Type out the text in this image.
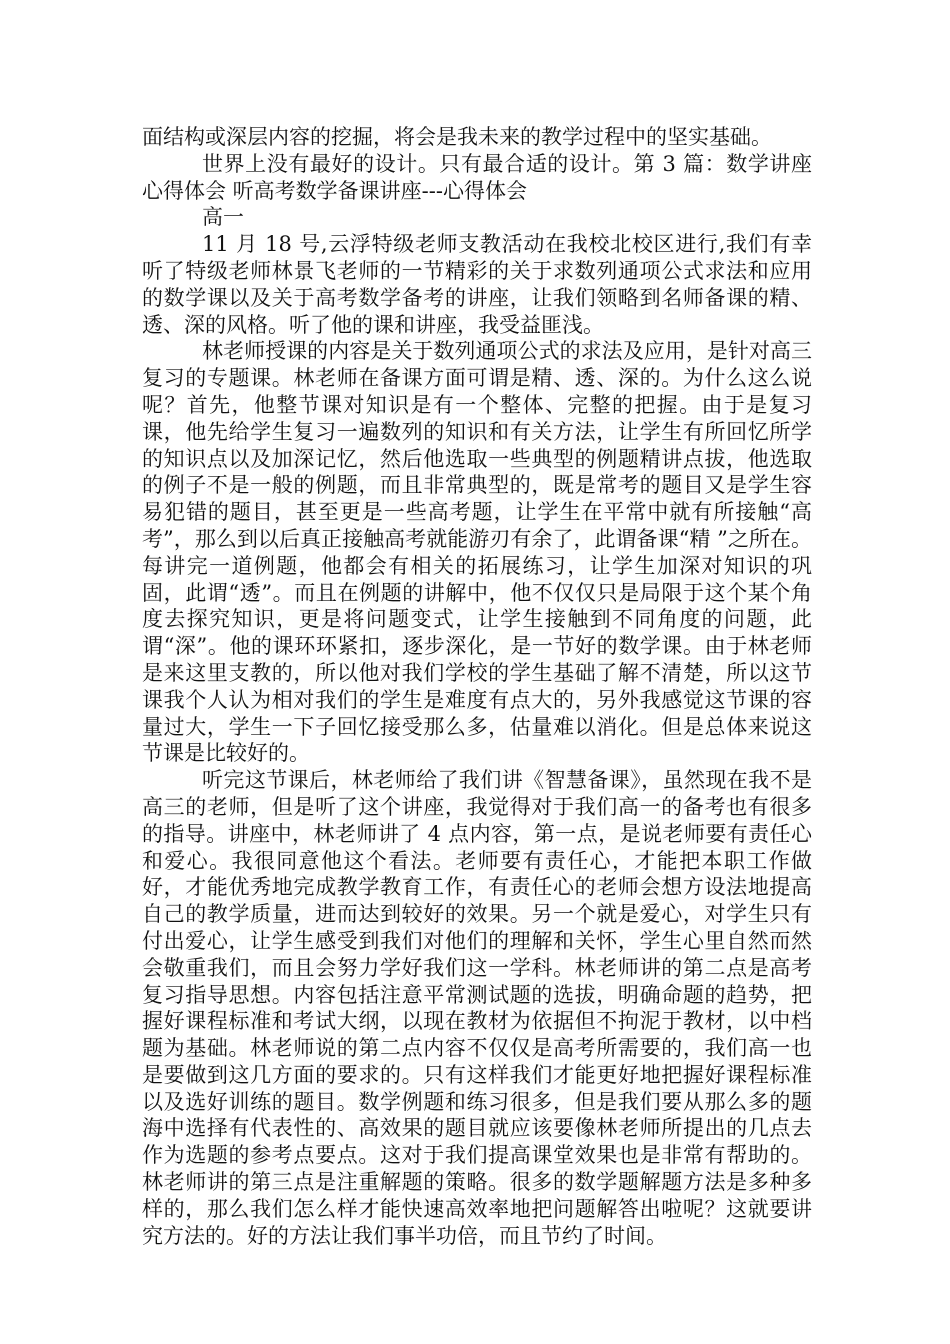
面结构或深层内容的挖掘，将会是我未来的教学过程中的坚实基础。

世界上没有最好的设计。只有最合适的设计。第 3 篇：数学讲座心得体会 听高考数学备课讲座---心得体会

高一

11 月 18 号,云浮特级老师支教活动在我校北校区进行,我们有幸听了特级老师林景飞老师的一节精彩的关于求数列通项公式求法和应用的数学课以及关于高考数学备考的讲座，让我们领略到名师备课的精、透、深的风格。听了他的课和讲座，我受益匪浅。

林老师授课的内容是关于数列通项公式的求法及应用，是针对高三复习的专题课。林老师在备课方面可谓是精、透、深的。为什么这么说呢？首先，他整节课对知识是有一个整体、完整的把握。由于是复习课，他先给学生复习一遍数列的知识和有关方法，让学生有所回忆所学的知识点以及加深记忆，然后他选取一些典型的例题精讲点拔，他选取的例子不是一般的例题，而且非常典型的，既是常考的题目又是学生容易犯错的题目，甚至更是一些高考题，让学生在平常中就有所接触“高考”，那么到以后真正接触高考就能游刃有余了，此谓备课“精 ”之所在。每讲完一道例题，他都会有相关的拓展练习，让学生加深对知识的巩固，此谓“透”。而且在例题的讲解中，他不仅仅只是局限于这个某个角度去探究知识，更是将问题变式，让学生接触到不同角度的问题，此谓“深”。他的课环环紧扣，逐步深化，是一节好的数学课。由于林老师是来这里支教的，所以他对我们学校的学生基础了解不清楚，所以这节课我个人认为相对我们的学生是难度有点大的，另外我感觉这节课的容量过大，学生一下子回忆接受那么多，估量难以消化。但是总体来说这节课是比较好的。

听完这节课后，林老师给了我们讲《智慧备课》，虽然现在我不是高三的老师，但是听了这个讲座，我觉得对于我们高一的备考也有很多的指导。讲座中，林老师讲了 4 点内容，第一点，是说老师要有责任心和爱心。我很同意他这个看法。老师要有责任心，才能把本职工作做好，才能优秀地完成教学教育工作，有责任心的老师会想方设法地提高自己的教学质量，进而达到较好的效果。另一个就是爱心，对学生只有付出爱心，让学生感受到我们对他们的理解和关怀，学生心里自然而然会敬重我们，而且会努力学好我们这一学科。林老师讲的第二点是高考复习指导思想。内容包括注意平常测试题的选拔，明确命题的趋势，把握好课程标准和考试大纲，以现在教材为依据但不拘泥于教材，以中档题为基础。林老师说的第二点内容不仅仅是高考所需要的，我们高一也是要做到这几方面的要求的。只有这样我们才能更好地把握好课程标准以及选好训练的题目。数学例题和练习很多，但是我们要从那么多的题海中选择有代表性的、高效果的题目就应该要像林老师所提出的几点去作为选题的参考点要点。这对于我们提高课堂效果也是非常有帮助的。林老师讲的第三点是注重解题的策略。很多的数学题解题方法是多种多样的，那么我们怎么样才能快速高效率地把问题解答出啦呢？这就要讲究方法的。好的方法让我们事半功倍，而且节约了时间。
